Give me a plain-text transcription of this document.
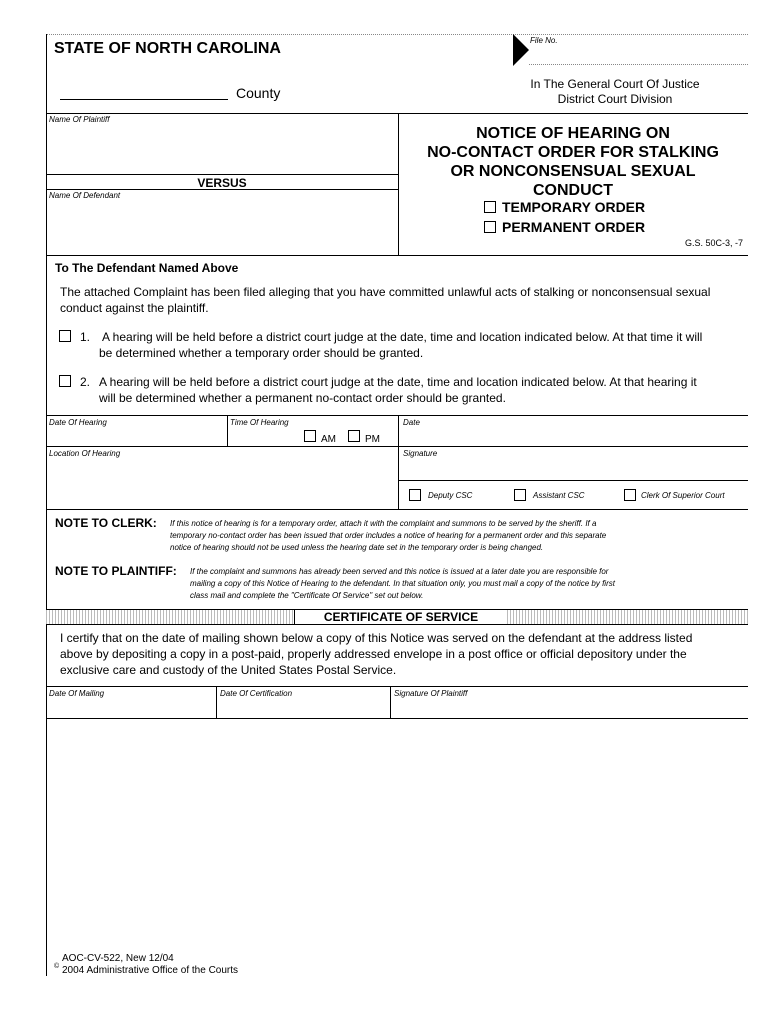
STATE OF NORTH CAROLINA	File No.
County
In The General Court Of Justice
District Court Division
Name Of Plaintiff
VERSUS
Name Of Defendant
NOTICE OF HEARING ON
NO-CONTACT ORDER FOR STALKING
OR NONCONSENSUAL SEXUAL
CONDUCT
TEMPORARY ORDER
PERMANENT ORDER
G.S. 50C-3, -7
To The Defendant Named Above
The attached Complaint has been filed alleging that you have committed unlawful acts of stalking or nonconsensual sexual
conduct against the plaintiff.
1. A hearing will be held before a district court judge at the date, time and location indicated below. At that time it will
be determined whether a temporary order should be granted.
2. A hearing will be held before a district court judge at the date, time and location indicated below. At that hearing it
will be determined whether a permanent no-contact order should be granted.
Date Of Hearing	Time Of Hearing
AM	PM
Date
Location Of Hearing	Signature
Deputy CSC	Assistant CSC	Clerk Of Superior Court
NOTE TO CLERK: If this notice of hearing is for a temporary order, attach it with the complaint and summons to be served by the sheriff. If a
temporary no-contact order has been issued that order includes a notice of hearing for a permanent order and this separate
notice of hearing should not be used unless the hearing date set in the temporary order is being changed.
NOTE TO PLAINTIFF: If the complaint and summons has already been served and this notice is issued at a later date you are responsible for
mailing a copy of this Notice of Hearing to the defendant. In that situation only, you must mail a copy of the notice by first
class mail and complete the "Certificate Of Service" set out below.
CERTIFICATE OF SERVICE
I certify that on the date of mailing shown below a copy of this Notice was served on the defendant at the address listed
above by depositing a copy in a post-paid, properly addressed envelope in a post office or official depository under the
exclusive care and custody of the United States Postal Service.
Date Of Mailing	Date Of Certification	Signature Of Plaintiff
AOC-CV-522, New 12/04
© 2004 Administrative Office of the Courts
